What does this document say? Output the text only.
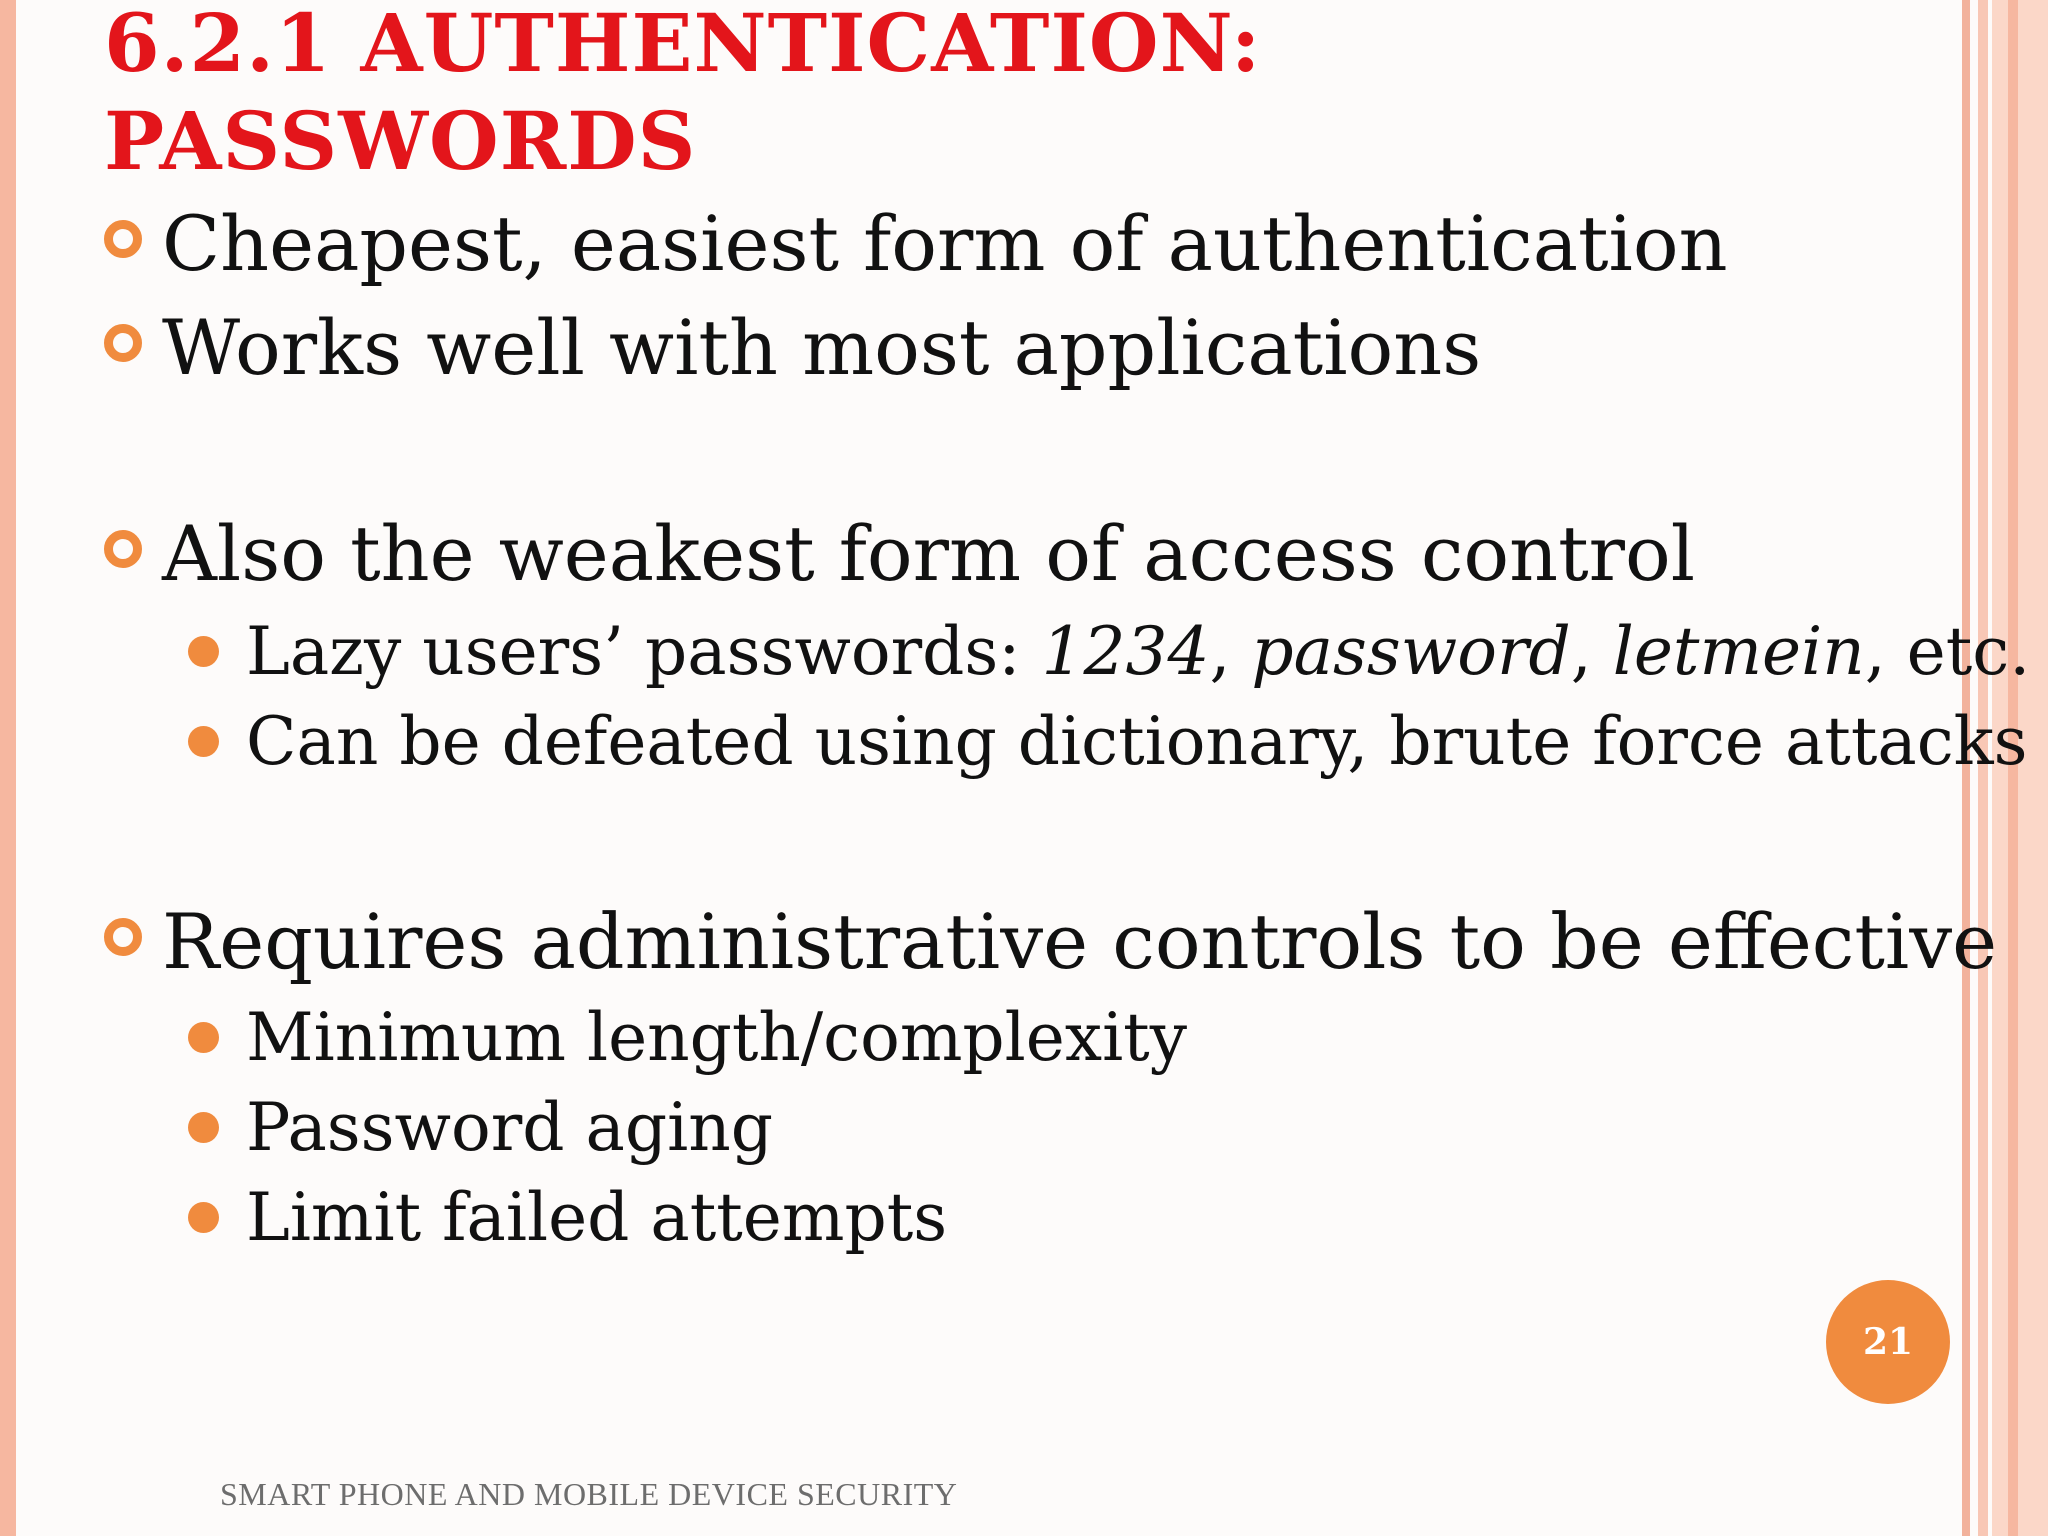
6.2.1 AUTHENTICATION:
PASSWORDS
Cheapest, easiest form of authentication
Works well with most applications
Also the weakest form of access control
Lazy users’ passwords: 1234, password, letmein, etc.
Can be defeated using dictionary, brute force attacks
Requires administrative controls to be effective
Minimum length/complexity
Password aging
Limit failed attempts
21
SMART PHONE AND MOBILE DEVICE SECURITY
